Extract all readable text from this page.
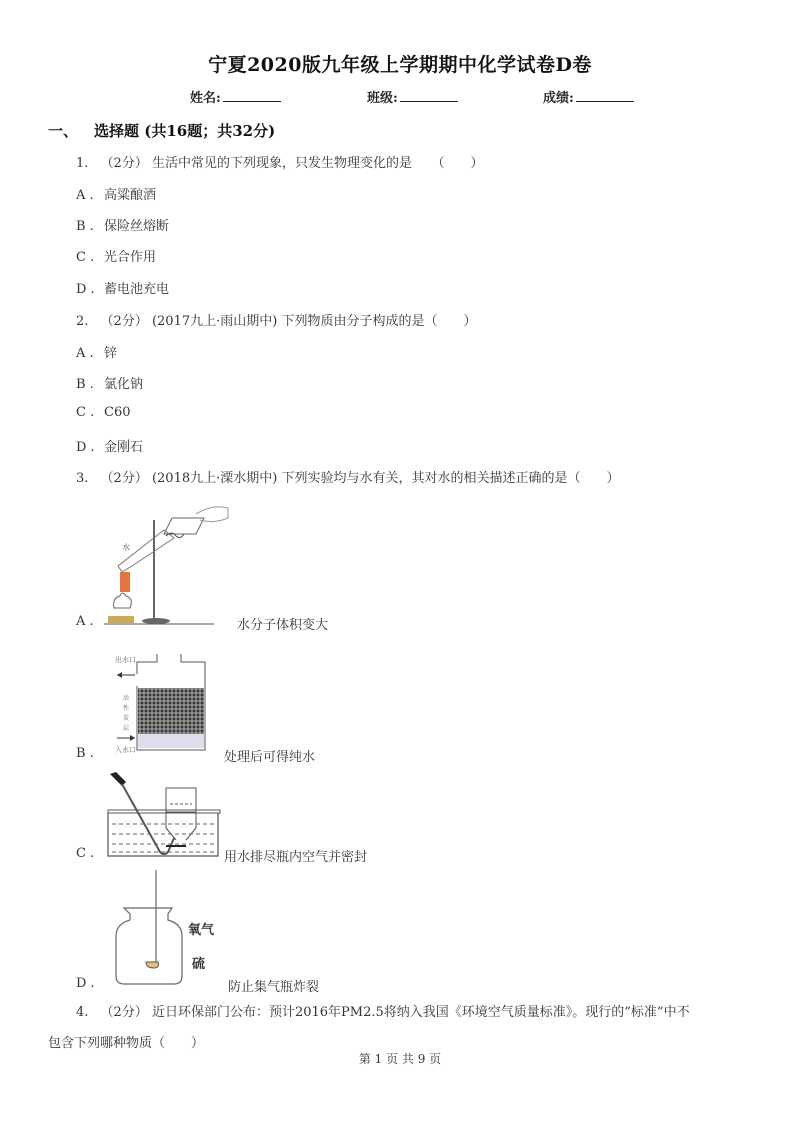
宁夏2020版九年级上学期期中化学试卷D卷
姓名:	班级:	成绩:
一、 选择题 (共16题；共32分)
1. （2分） 生活中常见的下列现象，只发生物理变化的是　　（　　）
A . 高粱酿酒
B . 保险丝熔断
C . 光合作用
D . 蓄电池充电
2. （2分） (2017九上·雨山期中) 下列物质由分子构成的是（　　）
A . 锌
B . 氯化钠
C . C60
D . 金刚石
3. （2分） (2018九上·溧水期中) 下列实验均与水有关，其对水的相关描述正确的是（　　）
水
A .	水分子体积变大
出水口
活
性
炭
层
入水口
B .	处理后可得纯水
C .	用水排尽瓶内空气并密封
氧气
硫
D .	防止集气瓶炸裂
4. （2分） 近日环保部门公布：预计2016年PM2.5将纳入我国《环境空气质量标准》。现行的”标准”中不
包含下列哪种物质（　　）
第 1 页 共 9 页
